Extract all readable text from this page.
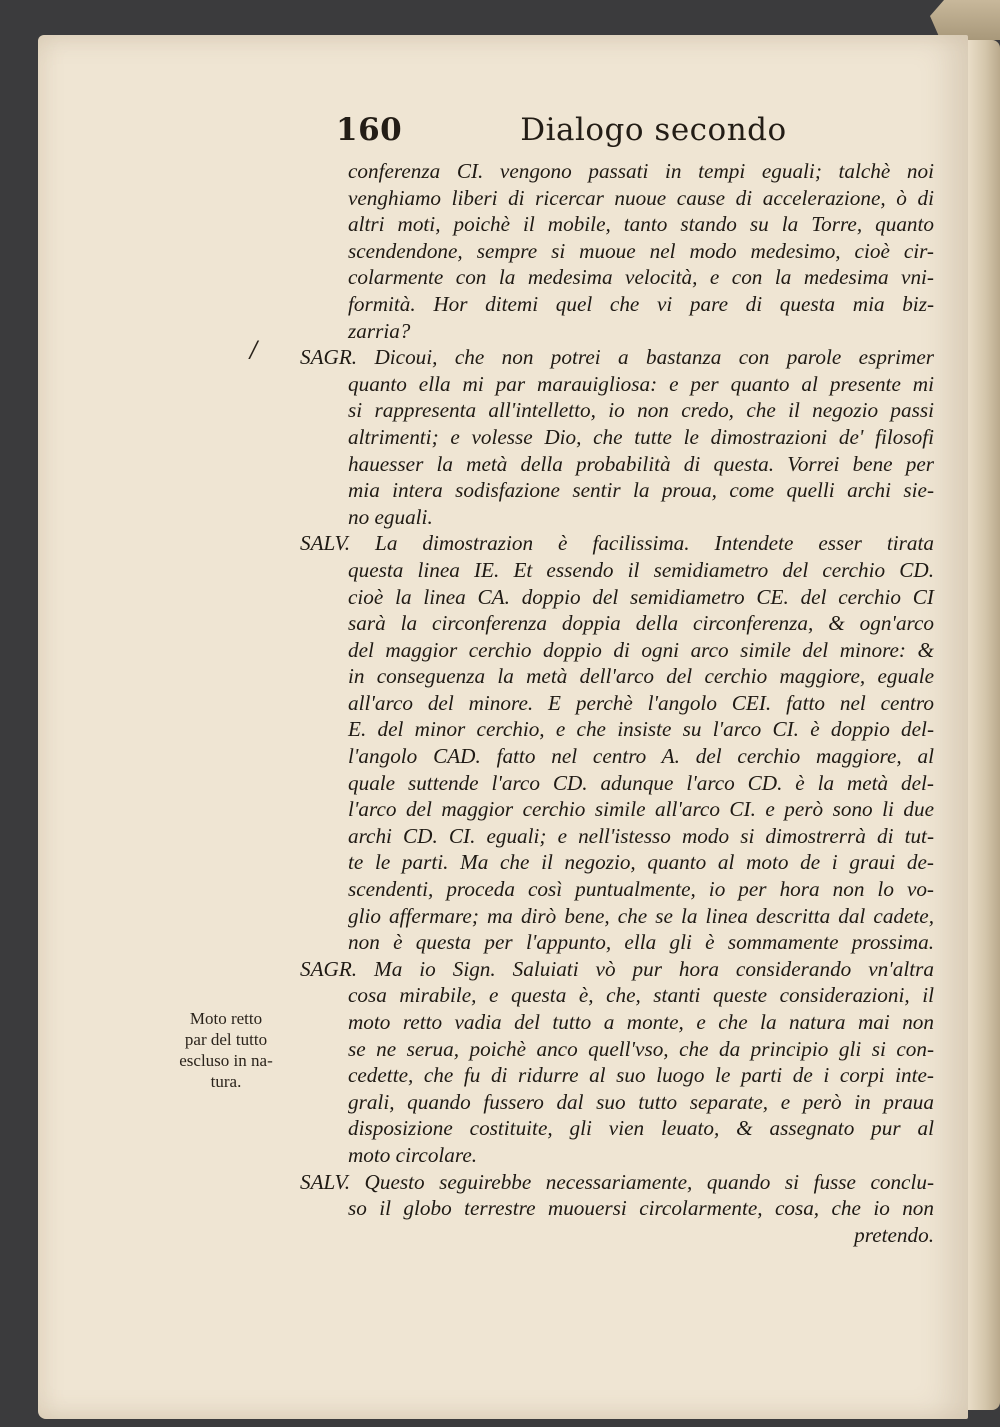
160	Dialogo secondo
/
conferenza CI. vengono passati in tempi eguali; talchè noi
venghiamo liberi di ricercar nuoue cause di accelerazione, ò di
altri moti, poichè il mobile, tanto stando su la Torre, quanto
scendendone, sempre si muoue nel modo medesimo, cioè cir-
colarmente con la medesima velocità, e con la medesima vni-
formità. Hor ditemi quel che vi pare di questa mia biz-
zarria?
SAGR. Dicoui, che non potrei a bastanza con parole esprimer
quanto ella mi par marauigliosa: e per quanto al presente mi
si rappresenta all'intelletto, io non credo, che il negozio passi
altrimenti; e volesse Dio, che tutte le dimostrazioni de' filosofi
hauesser la metà della probabilità di questa. Vorrei bene per
mia intera sodisfazione sentir la proua, come quelli archi sie-
no eguali.
SALV. La dimostrazion è facilissima. Intendete esser tirata
questa linea IE. Et essendo il semidiametro del cerchio CD.
cioè la linea CA. doppio del semidiametro CE. del cerchio CI
sarà la circonferenza doppia della circonferenza, & ogn'arco
del maggior cerchio doppio di ogni arco simile del minore: &
in conseguenza la metà dell'arco del cerchio maggiore, eguale
all'arco del minore. E perchè l'angolo CEI. fatto nel centro
E. del minor cerchio, e che insiste su l'arco CI. è doppio del-
l'angolo CAD. fatto nel centro A. del cerchio maggiore, al
quale suttende l'arco CD. adunque l'arco CD. è la metà del-
l'arco del maggior cerchio simile all'arco CI. e però sono li due
archi CD. CI. eguali; e nell'istesso modo si dimostrerrà di tut-
te le parti. Ma che il negozio, quanto al moto de i graui de-
scendenti, proceda così puntualmente, io per hora non lo vo-
glio affermare; ma dirò bene, che se la linea descritta dal cadete,
non è questa per l'appunto, ella gli è sommamente prossima.
SAGR. Ma io Sign. Saluiati vò pur hora considerando vn'altra
cosa mirabile, e questa è, che, stanti queste considerazioni, il
moto retto vadia del tutto a monte, e che la natura mai non
se ne serua, poichè anco quell'vso, che da principio gli si con-
cedette, che fu di ridurre al suo luogo le parti de i corpi inte-
grali, quando fussero dal suo tutto separate, e però in praua
disposizione costituite, gli vien leuato, & assegnato pur al
moto circolare.
SALV. Questo seguirebbe necessariamente, quando si fusse conclu-
so il globo terrestre muouersi circolarmente, cosa, che io non
pretendo.
Moto retto
par del tutto
escluso in na-
tura.
